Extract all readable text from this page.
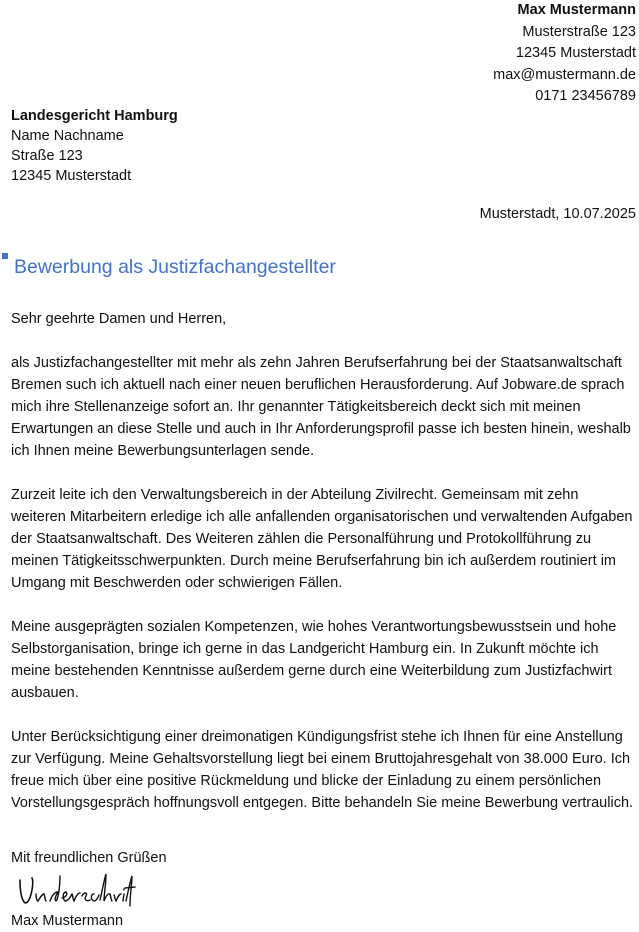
Max Mustermann
Musterstraße 123
12345 Musterstadt
max@mustermann.de
0171 23456789
Landesgericht Hamburg
Name Nachname
Straße 123
12345 Musterstadt
Musterstadt, 10.07.2025
Bewerbung als Justizfachangestellter

Sehr geehrte Damen und Herren,

als Justizfachangestellter mit mehr als zehn Jahren Berufserfahrung bei der Staatsanwaltschaft Bremen such ich aktuell nach einer neuen beruflichen Herausforderung. Auf Jobware.de sprach mich ihre Stellenanzeige sofort an. Ihr genannter Tätigkeitsbereich deckt sich mit meinen Erwartungen an diese Stelle und auch in Ihr Anforderungsprofil passe ich besten hinein, weshalb ich Ihnen meine Bewerbungsunterlagen sende.

Zurzeit leite ich den Verwaltungsbereich in der Abteilung Zivilrecht. Gemeinsam mit zehn weiteren Mitarbeitern erledige ich alle anfallenden organisatorischen und verwaltenden Aufgaben der Staatsanwaltschaft. Des Weiteren zählen die Personalführung und Protokollführung zu meinen Tätigkeitsschwerpunkten. Durch meine Berufserfahrung bin ich außerdem routiniert im Umgang mit Beschwerden oder schwierigen Fällen.

Meine ausgeprägten sozialen Kompetenzen, wie hohes Verantwortungsbewusstsein und hohe Selbstorganisation, bringe ich gerne in das Landgericht Hamburg ein. In Zukunft möchte ich meine bestehenden Kenntnisse außerdem gerne durch eine Weiterbildung zum Justizfachwirt ausbauen.

Unter Berücksichtigung einer dreimonatigen Kündigungsfrist stehe ich Ihnen für eine Anstellung zur Verfügung. Meine Gehaltsvorstellung liegt bei einem Bruttojahresgehalt von 38.000 Euro. Ich freue mich über eine positive Rückmeldung und blicke der Einladung zu einem persönlichen Vorstellungsgespräch hoffnungsvoll entgegen. Bitte behandeln Sie meine Bewerbung vertraulich.

Mit freundlichen Grüßen
Max Mustermann
